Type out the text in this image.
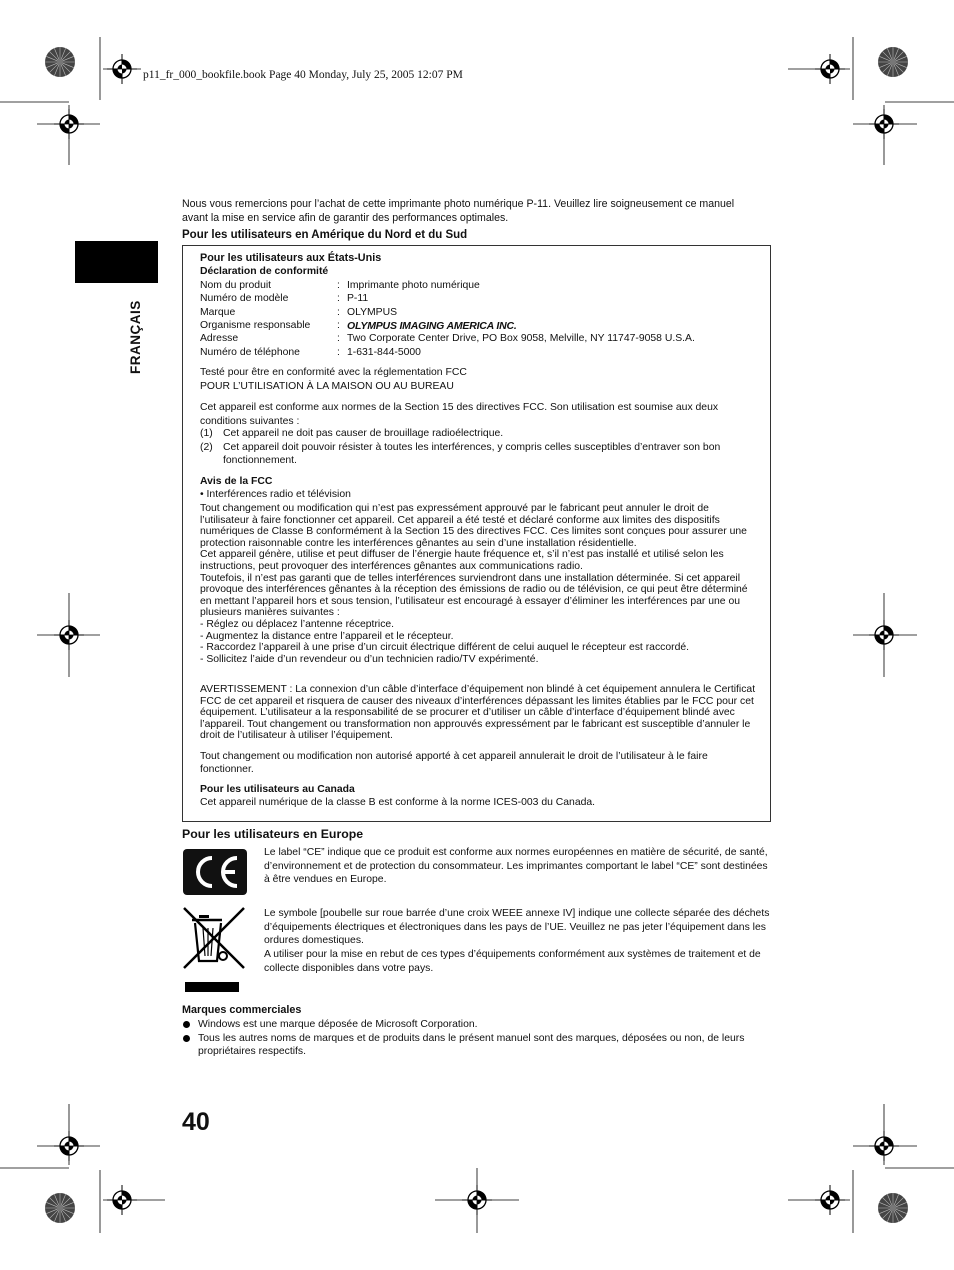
p11_fr_000_bookfile.book Page 40 Monday, July 25, 2005 12:07 PM
FRANÇAIS
Nous vous remercions pour l’achat de cette imprimante photo numérique P-11. Veuillez lire soigneusement ce manuel avant la mise en service afin de garantir des performances optimales.
Pour les utilisateurs en Amérique du Nord et du Sud
Pour les utilisateurs aux États-Unis
Déclaration de conformité
Nom du produit	: Imprimante photo numérique
Numéro de modèle	: P-11
Marque	: OLYMPUS
Organisme responsable	: OLYMPUS IMAGING AMERICA INC.
Adresse	: Two Corporate Center Drive, PO Box 9058, Melville, NY 11747-9058 U.S.A.
Numéro de téléphone	: 1-631-844-5000
Testé pour être en conformité avec la réglementation FCC
POUR L’UTILISATION À LA MAISON OU AU BUREAU
Cet appareil est conforme aux normes de la Section 15 des directives FCC. Son utilisation est soumise aux deux conditions suivantes :
(1) Cet appareil ne doit pas causer de brouillage radioélectrique.
(2) Cet appareil doit pouvoir résister à toutes les interférences, y compris celles susceptibles d’entraver son bon fonctionnement.
Avis de la FCC
• Interférences radio et télévision

Tout changement ou modification qui n’est pas expressément approuvé par le fabricant peut annuler le droit de l’utilisateur à faire fonctionner cet appareil. Cet appareil a été testé et déclaré conforme aux limites des dispositifs numériques de Classe B conformément à la Section 15 des directives FCC. Ces limites sont conçues pour assurer une protection raisonnable contre les interférences gênantes au sein d’une installation résidentielle.

Cet appareil génère, utilise et peut diffuser de l’énergie haute fréquence et, s’il n’est pas installé et utilisé selon les instructions, peut provoquer des interférences gênantes aux communications radio.

Toutefois, il n’est pas garanti que de telles interférences surviendront dans une installation déterminée. Si cet appareil provoque des interférences gênantes à la réception des émissions de radio ou de télévision, ce qui peut être déterminé en mettant l’appareil hors et sous tension, l’utilisateur est encouragé à essayer d’éliminer les interférences par une ou plusieurs manières suivantes :

- Réglez ou déplacez l’antenne réceptrice.

- Augmentez la distance entre l’appareil et le récepteur.

- Raccordez l’appareil à une prise d’un circuit électrique différent de celui auquel le récepteur est raccordé.

- Sollicitez l’aide d’un revendeur ou d’un technicien radio/TV expérimenté.

AVERTISSEMENT : La connexion d’un câble d’interface d’équipement non blindé à cet équipement annulera le Certificat FCC de cet appareil et risquera de causer des niveaux d’interférences dépassant les limites établies par le FCC pour cet équipement. L’utilisateur a la responsabilité de se procurer et d’utiliser un câble d’interface d’équipement blindé avec l’appareil. Tout changement ou transformation non approuvés expressément par le fabricant est susceptible d’annuler le droit de l’utilisateur à utiliser l’équipement.
Tout changement ou modification non autorisé apporté à cet appareil annulerait le droit de l’utilisateur à le faire fonctionner.
Pour les utilisateurs au Canada
Cet appareil numérique de la classe B est conforme à la norme ICES-003 du Canada.
Pour les utilisateurs en Europe
Le label “CE” indique que ce produit est conforme aux normes européennes en matière de sécurité, de santé, d’environnement et de protection du consommateur. Les imprimantes comportant le label “CE” sont destinées à être vendues en Europe.
Le symbole [poubelle sur roue barrée d’une croix WEEE annexe IV] indique une collecte séparée des déchets d’équipements électriques et électroniques dans les pays de l’UE. Veuillez ne pas jeter l’équipement dans les ordures domestiques.
A utiliser pour la mise en rebut de ces types d’équipements conformément aux systèmes de traitement et de collecte disponibles dans votre pays.
Marques commerciales
Windows est une marque déposée de Microsoft Corporation.
Tous les autres noms de marques et de produits dans le présent manuel sont des marques, déposées ou non, de leurs propriétaires respectifs.
40
